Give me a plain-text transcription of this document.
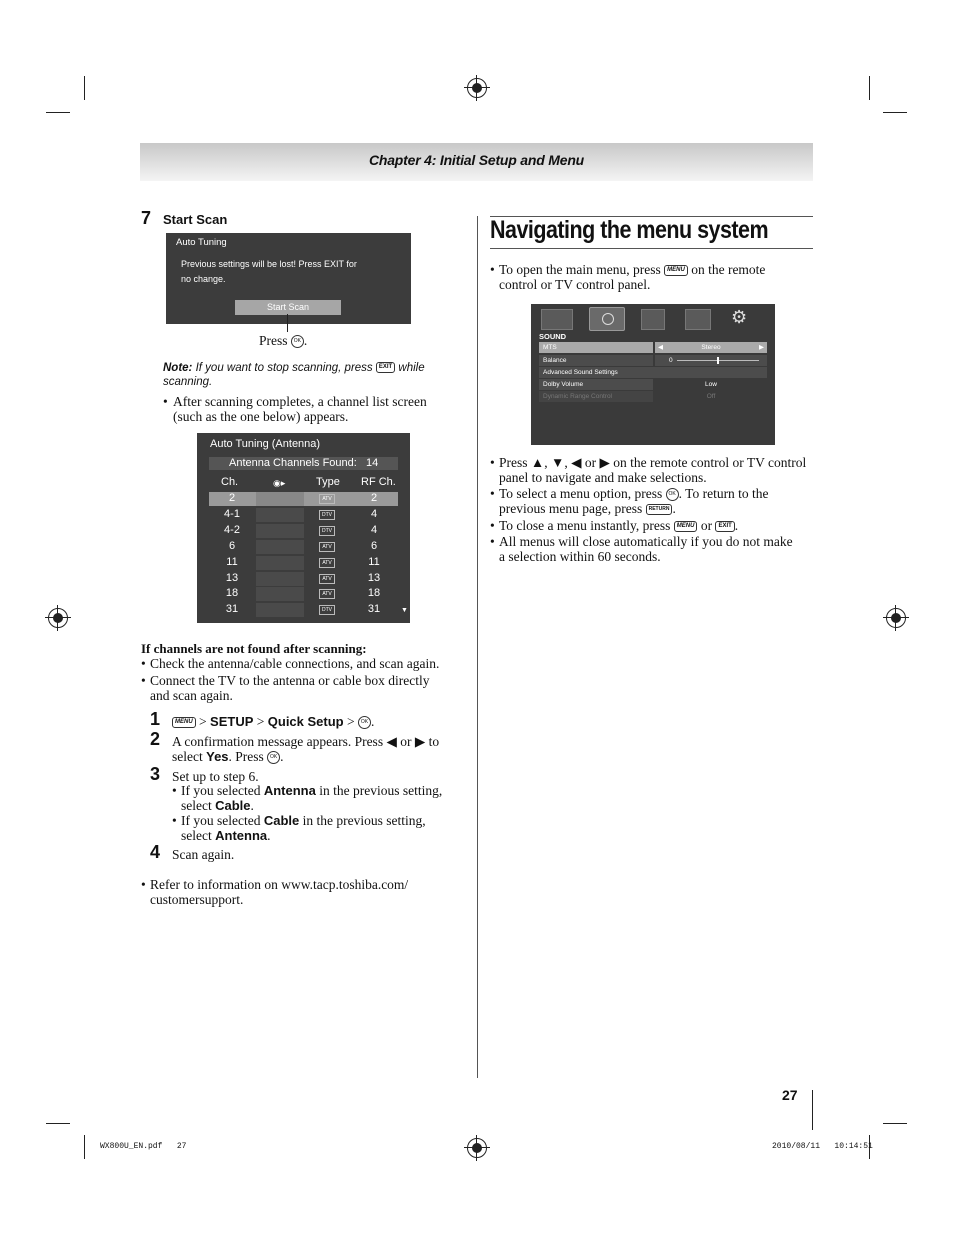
Chapter 4: Initial Setup and Menu
7 Start Scan
Auto Tuning
Previous settings will be lost! Press EXIT for
no change.
Start Scan
Press OK .
Note: If you want to stop scanning, press EXIT while
scanning.
• After scanning completes, a channel list screen
(such as the one below) appears.
Auto Tuning (Antenna)
Antenna Channels Found: 14
Ch.	◉▸	Type RF Ch.
2	ATV	2
4-1	DTV	4
4-2	DTV	4
6	ATV	6
11	ATV	11
13	ATV	13
18	ATV	18
31	DTV	31	▼
If channels are not found after scanning:
• Check the antenna/cable connections, and scan again.
• Connect the TV to the antenna or cable box directly
and scan again.
1	MENU > SETUP > Quick Setup > OK .
2 A confirmation message appears. Press ◀ or ▶ to
select Yes. Press OK .
3 Set up to step 6.
• If you selected Antenna in the previous setting,
select Cable.
• If you selected Cable in the previous setting,
select Antenna.
4 Scan again.
• Refer to information on www.tacp.toshiba.com/
customersupport.
Navigating the menu system
• To open the main menu, press MENU on the remote
control or TV control panel.
⚙
SOUND
MTS	◀	Stereo	▶
Balance	0
Advanced Sound Settings
Dolby Volume	Low
Dynamic Range Control	Off
• Press ▲, ▼, ◀ or ▶ on the remote control or TV control
panel to navigate and make selections.
• To select a menu option, press OK . To return to the
previous menu page, press RETURN .
• To close a menu instantly, press MENU or EXIT .
• All menus will close automatically if you do not make
a selection within 60 seconds.
27
WX800U_EN.pdf 27	2010/08/11 10:14:51
